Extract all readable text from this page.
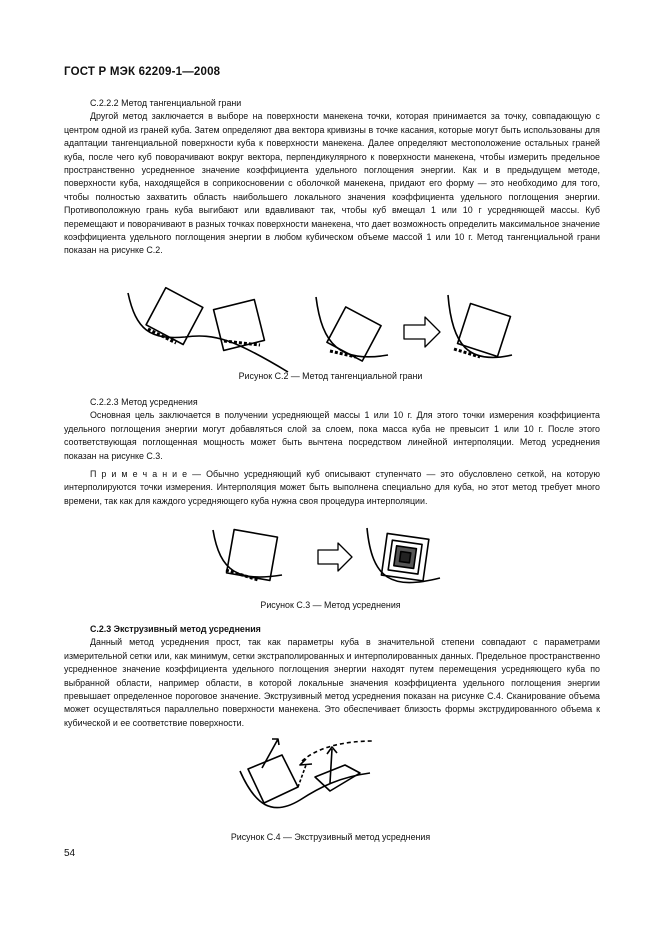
ГОСТ Р МЭК 62209-1—2008

C.2.2.2 Метод тангенциальной грани

Другой метод заключается в выборе на поверхности манекена точки, которая принимается за точку, совпадающую с центром одной из граней куба. Затем определяют два вектора кривизны в точке касания, которые могут быть использованы для адаптации тангенциальной поверхности куба к поверхности манекена. Далее определяют местоположение остальных граней куба, после чего куб поворачивают вокруг вектора, перпендикулярного к поверхности манекена, чтобы измерить предельное пространственно усредненное значение коэффициента удельного поглощения энергии. Как и в предыдущем методе, поверхности куба, находящейся в соприкосновении с оболочкой манекена, придают его форму — это необходимо для того, чтобы полностью захватить область наибольшего локального значения коэффициента удельного поглощения энергии. Противоположную грань куба выгибают или вдавливают так, чтобы куб вмещал 1 или 10 г усредняющей массы. Куб перемещают и поворачивают в разных точках поверхности манекена, что дает возможность определить максимальное значение коэффициента удельного поглощения энергии в любом кубическом объеме массой 1 или 10 г. Метод тангенциальной грани показан на рисунке C.2.

Рисунок C.2 — Метод тангенциальной грани

C.2.2.3 Метод усреднения

Основная цель заключается в получении усредняющей массы 1 или 10 г. Для этого точки измерения коэффициента удельного поглощения энергии могут добавляться слой за слоем, пока масса куба не превысит 1 или 10 г. После этого соответствующая поглощенная мощность может быть вычтена посредством линейной интерполяции. Метод усреднения показан на рисунке C.3.

П р и м е ч а н и е — Обычно усредняющий куб описывают ступенчато — это обусловлено сеткой, на которую интерполируются точки измерения. Интерполяция может быть выполнена специально для куба, но этот метод требует много времени, так как для каждого усредняющего куба нужна своя процедура интерполяции.

Рисунок C.3 — Метод усреднения

C.2.3 Экструзивный метод усреднения

Данный метод усреднения прост, так как параметры куба в значительной степени совпадают с параметрами измерительной сетки или, как минимум, сетки экстраполированных и интерполированных данных. Предельное пространственно усредненное значение коэффициента удельного поглощения энергии находят путем перемещения усредняющего куба по выбранной области, например области, в которой локальные значения коэффициента удельного поглощения энергии превышает определенное пороговое значение. Экструзивный метод усреднения показан на рисунке C.4. Сканирование объема может осуществляться параллельно поверхности манекена. Это обеспечивает близость формы экструдированного объема к кубической и ее соответствие поверхности.

Рисунок C.4 — Экструзивный метод усреднения
54
